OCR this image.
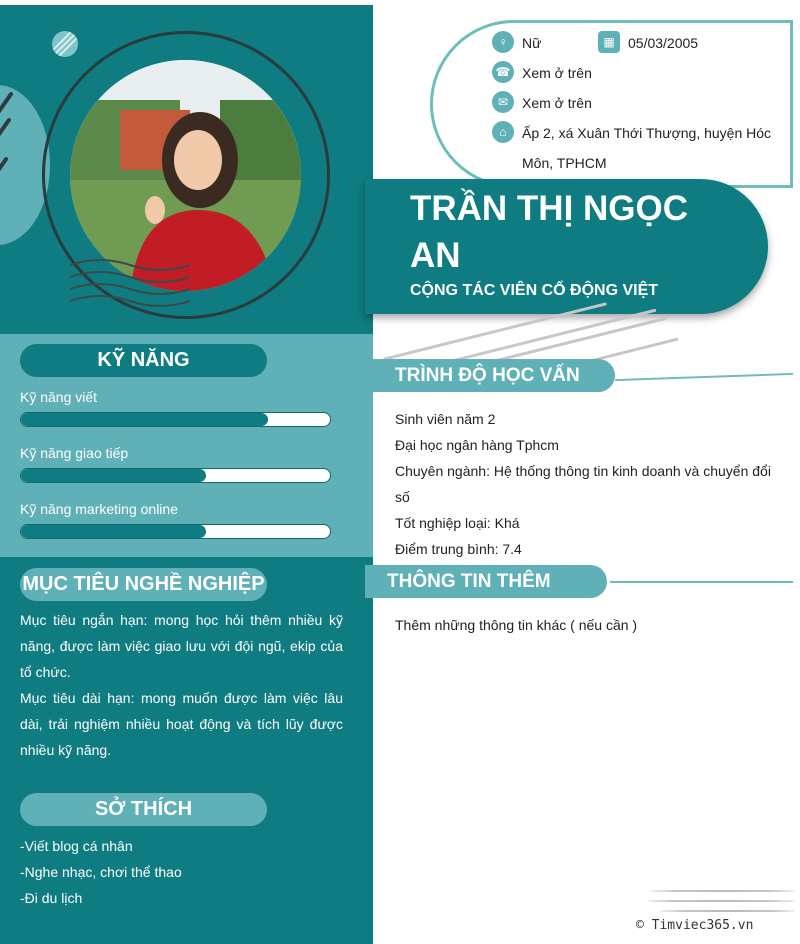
KỸ NĂNG
Kỹ năng viết
Kỹ năng giao tiếp
Kỹ năng marketing online
MỤC TIÊU NGHỀ NGHIỆP
Mục tiêu ngắn hạn: mong học hỏi thêm nhiều kỹ năng, được làm việc giao lưu với đội ngũ, ekip của tổ chức.
Mục tiêu dài hạn: mong muốn được làm việc lâu dài, trải nghiệm nhiều hoạt động và tích lũy được nhiều kỹ năng.
SỞ THÍCH
-Viết blog cá nhân
-Nghe nhạc, chơi thể thao
-Đi du lịch
♀	Nữ	▦ 05/03/2005
☎ Xem ở trên
✉ Xem ở trên
⌂	Ấp 2, xá Xuân Thới Thượng, huyện Hóc
Môn, TPHCM
TRẦN THỊ NGỌC
AN
CỘNG TÁC VIÊN CỔ ĐỘNG VIỆT
TRÌNH ĐỘ HỌC VẤN
Sinh viên năm 2
Đại học ngân hàng Tphcm
Chuyên ngành: Hệ thống thông tin kinh doanh và chuyển đổi số
Tốt nghiệp loại: Khá
Điểm trung bình: 7.4
THÔNG TIN THÊM
Thêm những thông tin khác ( nếu cần )
© Timviec365.vn
